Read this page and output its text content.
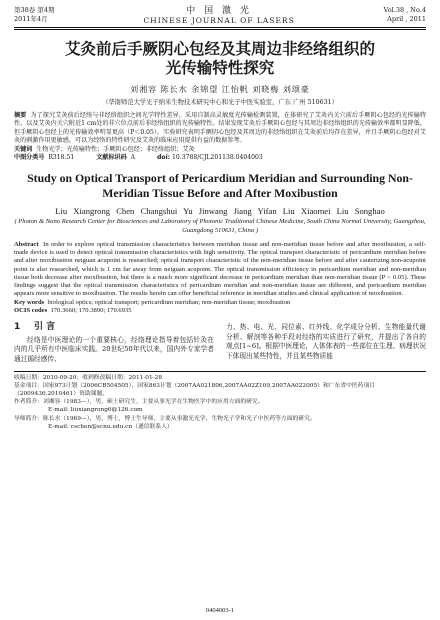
第38卷 第4期
2011年4月
中 国 激 光
CHINESE JOURNAL OF LASERS
Vol.38 , No.4
April , 2011
艾灸前后手厥阴心包经及其周边非经络组织的
光传输特性探究
刘湘容 陈长水 余锦望 江怡帆 刘晓梅 刘颂豪
（华南师范大学光子纳米生物技术研究中心和光子中医实验室，广东 广州 510631）
摘要 为了探究艾灸前后经络与非经络组织之间光学特性差异，采用自制高灵敏度光传输检测装置，在体研究了艾灸内关穴前后手厥阴心包经的光传输特性，以及艾灸内关穴附近1 cm处的非穴位点前后非经络组织的光传输特性。结果发现艾灸后手厥阴心包经与其周边非经络组织的光传输效率都明显降低，但手厥阴心包经上的光传输效率明显更高（P＜0.05）。实验研究表明手厥阴心包经及其周边的非经络组织在艾灸前后均存在差异，并且手厥阴心包经对艾灸的刺激作用更敏感，可以为经络的特性研究及艾灸的临床应用提供有益的数据参考。
关键词 生物光学；光传输特性；手厥阴心包经；非经络组织；艾灸
中图分类号 R318.51	文献标识码 A	doi: 10.3788/CJL201138.0404003
Study on Optical Transport of Pericardium Meridian and Surrounding Non-Meridian Tissue Before and After Moxibustion
Liu Xiangrong Chen Changshui Yu Jinwang Jiang Yifan Liu Xiaomei Liu Songhao
( Photon & Nano Research Center for Biosciences and Laboratory of Photonic Traditional Chinese Medicine, South China Normal University, Guangzhou, Guangdong 510631, China )
Abstract In order to explore optical transmission characteristics between meridian tissue and non-meridian tissue before and after moxibustion, a self-made device is used to detect optical transmission characteristics with high sensitivity. The optical transport characteristic of pericardium meridian before and after moxibustion neiguan acupoint is researched; optical transport characteristic of the non-meridian tissue before and after cauterizing non-acupoint point is also researched, which is 1 cm far away from neiguan acupoint. The optical transmission efficiency in pericardium meridian and non-meridian tissue both decrease after moxibustion, but there is a much more significant decrease in pericardium meridian than non-meridian tissue (P < 0.05). These findings suggest that the optical transmission characteristics of pericardium meridian and non-meridian tissue are different, and pericardium meridian appears more sensitive to moxibustion. The results herein can offer beneficial reference in meridian studies and clinical application of moxibustion.
Key words biological optics; optical transport; pericardium meridian; non-meridian tissue; moxibustion
OCIS codes 170.3660; 170.3890; 170.6935
1 引 言
经络是中医理论的一个重要核心，经络理论指导着包括针灸在内的几乎所有中医临床实践。20世纪50年代以来，国内外专家学者通过循经感传、
力、热、电、光、同位素、红外线、化学成分分析、生物能量代谢分析、解剖等各种手段对经络的实质进行了研究，并提出了各自的观点[1~6]。根据中医理论，人体体表的一些部位在生理、病理状况下体现出某些特性，并且某些物质能
收稿日期：2010-09-20；收到修改稿日期：2011-01-28
基金项目：国家973计划（2006CB504505）、国家863计划（2007AA021806,2007AA02Z109,2007AA022005）和广东省中医药项目（2009436,2010461）资助课题。
作者简介：刘湘容（1983—），男，硕士研究生，主要从事光学在生物医学中的应用方面的研究。
E-mail: liuxiangrong6@126.com
导师简介：陈长水（1969—），男，博士，博士生导师，主要从事激光光学、生物光子学和光子中医药等方面的研究。
E-mail: cschen@scnu.edu.cn（通信联系人）
0404003-1
